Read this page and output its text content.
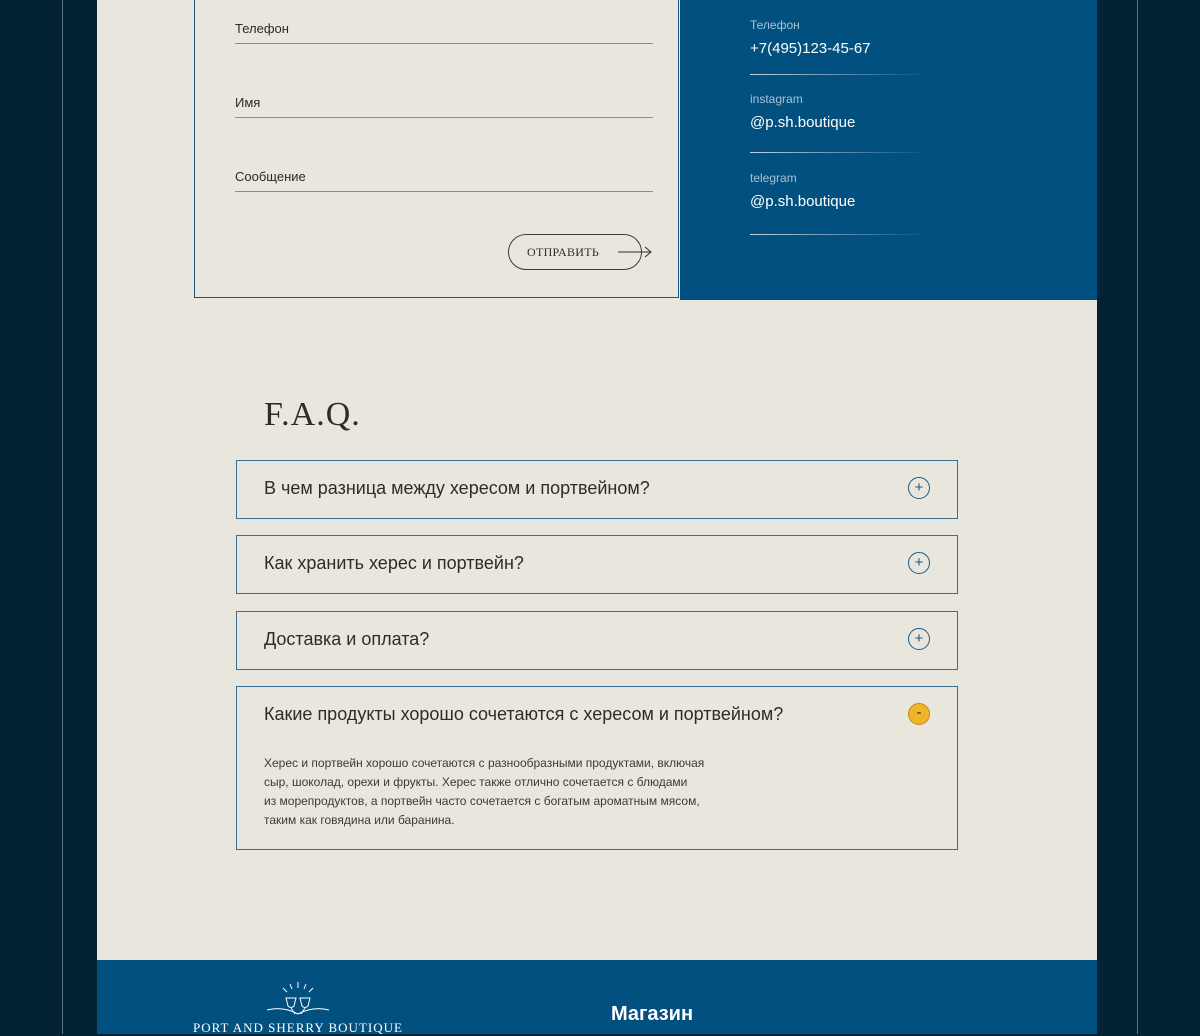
Телефон
Имя
Сообщение
ОТПРАВИТЬ
Телефон
+7(495)123-45-67
instagram
@p.sh.boutique
telegram
@p.sh.boutique
F.A.Q.
В чем разница между хересом и портвейном?	+
Как хранить херес и портвейн?	+
Доставка и оплата?	+
Какие продукты хорошо сочетаются с хересом и портвейном?	-
Херес и портвейн хорошо сочетаются с разнообразными продуктами, включая
сыр, шоколад, орехи и фрукты. Херес также отлично сочетается с блюдами
из морепродуктов, а портвейн часто сочетается с богатым ароматным мясом,
таким как говядина или баранина.
PORT AND SHERRY BOUTIQUE
Магазин
